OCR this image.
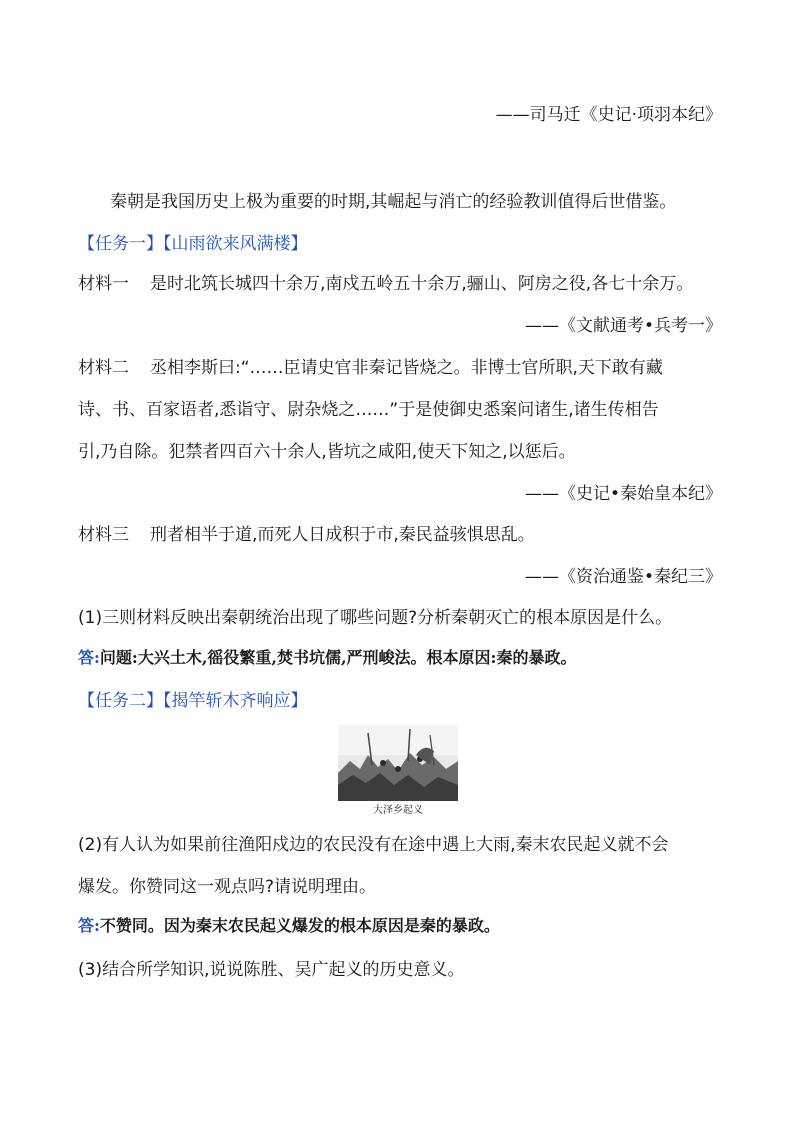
——司马迁《史记·项羽本纪》
秦朝是我国历史上极为重要的时期,其崛起与消亡的经验教训值得后世借鉴。
【任务一】【山雨欲来风满楼】
材料一 是时北筑长城四十余万,南戍五岭五十余万,骊山、阿房之役,各七十余万。
——《文献通考•兵考一》
材料二 丞相李斯曰:“……臣请史官非秦记皆烧之。非博士官所职,天下敢有藏
诗、书、百家语者,悉诣守、尉杂烧之……”于是使御史悉案问诸生,诸生传相告
引,乃自除。犯禁者四百六十余人,皆坑之咸阳,使天下知之,以惩后。
——《史记•秦始皇本纪》
材料三 刑者相半于道,而死人日成积于市,秦民益骇惧思乱。
——《资治通鉴•秦纪三》
(1)三则材料反映出秦朝统治出现了哪些问题?分析秦朝灭亡的根本原因是什么。
答:问题:大兴土木,徭役繁重,焚书坑儒,严刑峻法。根本原因:秦的暴政。
【任务二】【揭竿斩木齐响应】
大泽乡起义
(2)有人认为如果前往渔阳戍边的农民没有在途中遇上大雨,秦末农民起义就不会
爆发。你赞同这一观点吗?请说明理由。
答:不赞同。因为秦末农民起义爆发的根本原因是秦的暴政。
(3)结合所学知识,说说陈胜、吴广起义的历史意义。
